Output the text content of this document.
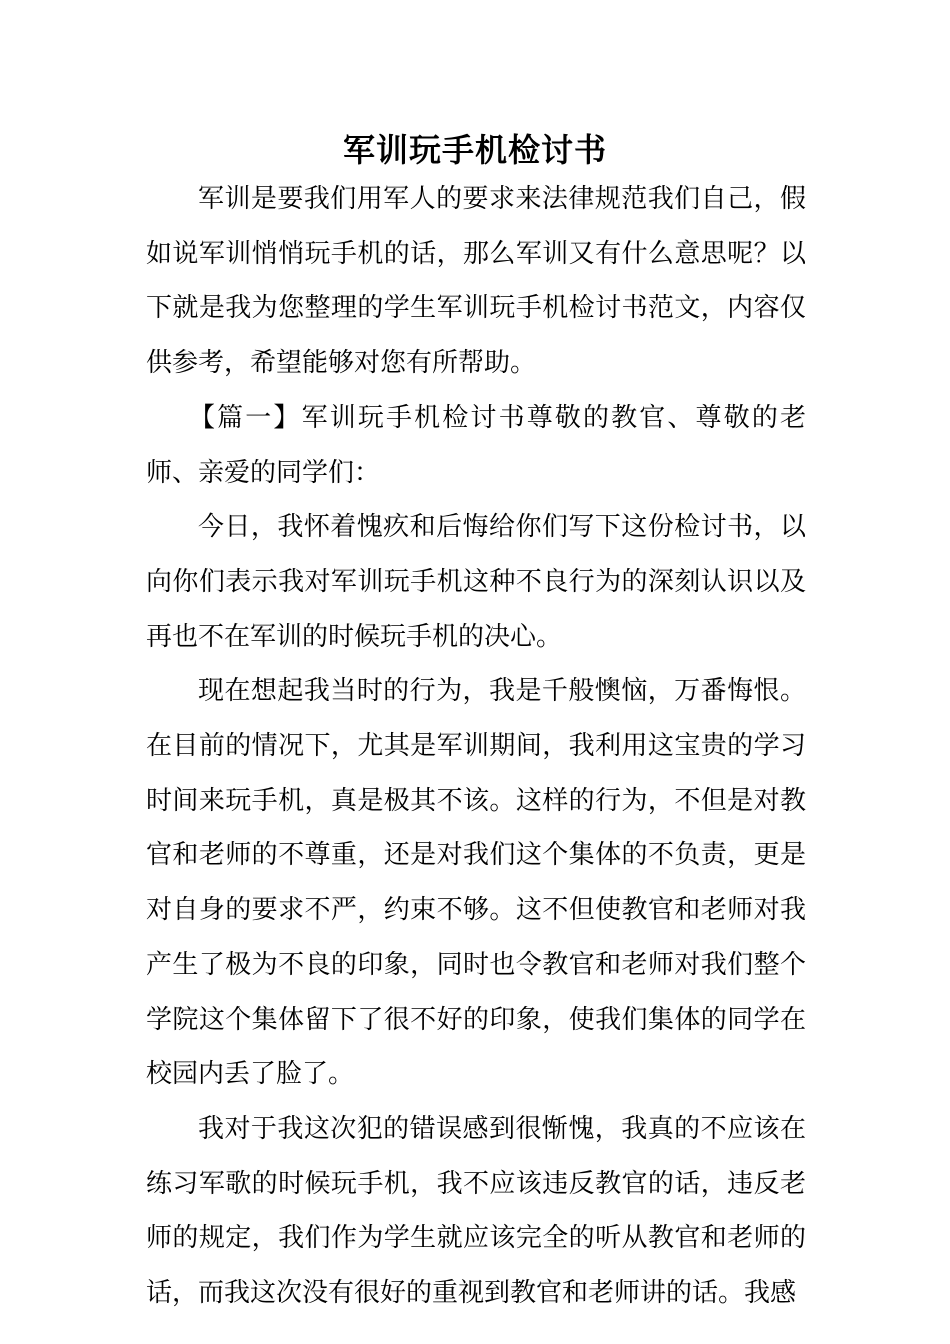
军训玩手机检讨书

军训是要我们用军人的要求来法律规范我们自己，假如说军训悄悄玩手机的话，那么军训又有什么意思呢？以下就是我为您整理的学生军训玩手机检讨书范文，内容仅供参考，希望能够对您有所帮助。

【篇一】军训玩手机检讨书尊敬的教官、尊敬的老师、亲爱的同学们：

今日，我怀着愧疚和后悔给你们写下这份检讨书，以向你们表示我对军训玩手机这种不良行为的深刻认识以及再也不在军训的时候玩手机的决心。

现在想起我当时的行为，我是千般懊恼，万番悔恨。在目前的情况下，尤其是军训期间，我利用这宝贵的学习时间来玩手机，真是极其不该。这样的行为，不但是对教官和老师的不尊重，还是对我们这个集体的不负责，更是对自身的要求不严，约束不够。这不但使教官和老师对我产生了极为不良的印象，同时也令教官和老师对我们整个学院这个集体留下了很不好的印象，使我们集体的同学在校园内丢了脸了。

我对于我这次犯的错误感到很惭愧，我真的不应该在练习军歌的时候玩手机，我不应该违反教官的话，违反老师的规定，我们作为学生就应该完全的听从教官和老师的话，而我这次没有很好的重视到教官和老师讲的话。我感
